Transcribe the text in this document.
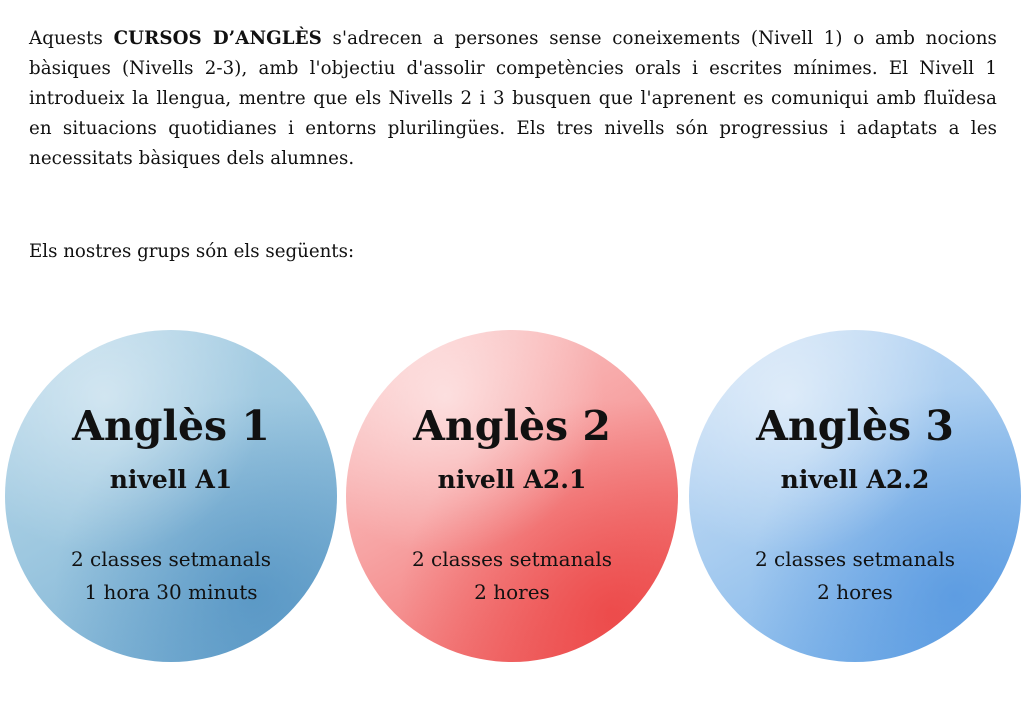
Aquests CURSOS D’ANGLÈS s'adrecen a persones sense coneixements (Nivell 1) o amb nocions bàsiques (Nivells 2-3), amb l'objectiu d'assolir competències orals i escrites mínimes. El Nivell 1 introdueix la llengua, mentre que els Nivells 2 i 3 busquen que l'aprenent es comuniqui amb fluïdesa en situacions quotidianes i entorns plurilingües. Els tres nivells són progressius i adaptats a les necessitats bàsiques dels alumnes.

Els nostres grups són els següents:

Anglès 1
nivell A1
2 classes setmanals
1 hora 30 minuts
Anglès 2
nivell A2.1
2 classes setmanals
2 hores
Anglès 3
nivell A2.2
2 classes setmanals
2 hores
